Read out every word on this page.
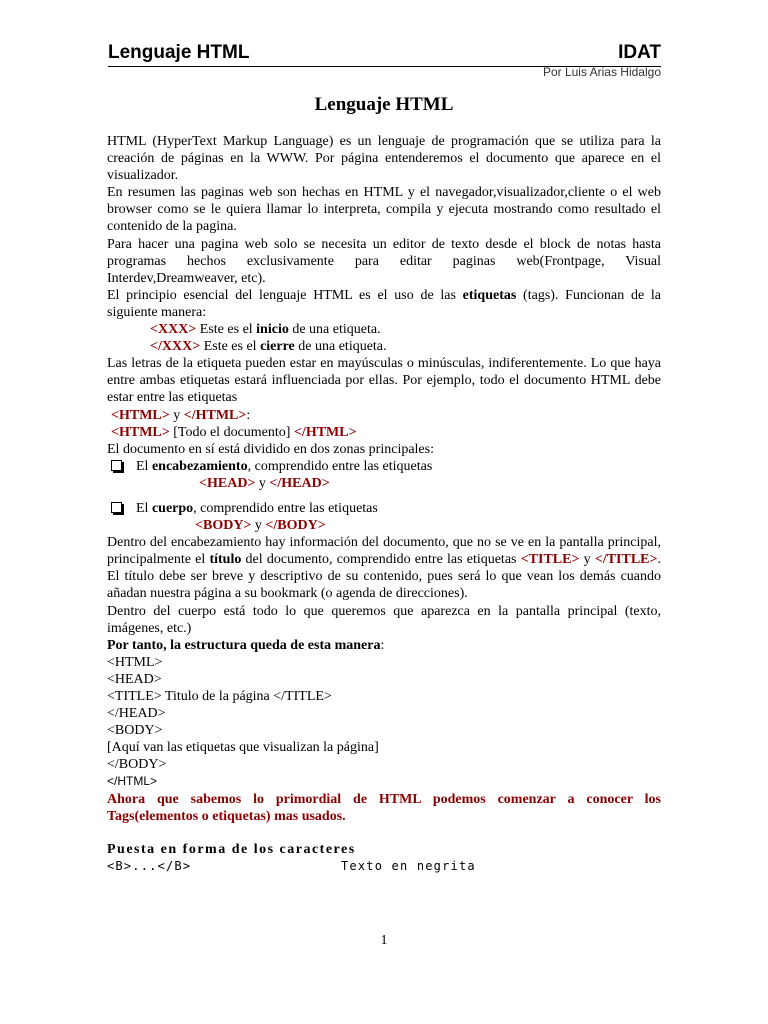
Lenguaje HTML	IDAT
Por Luis Arias Hidalgo
Lenguaje HTML

HTML (HyperText Markup Language) es un lenguaje de programación que se utiliza para la creación de páginas en la WWW. Por página entenderemos el documento que aparece en el visualizador.

En resumen las paginas web son hechas en HTML y el navegador,visualizador,cliente o el web browser como se le quiera llamar lo interpreta, compila y ejecuta mostrando como resultado el contenido de la pagina.

Para hacer una pagina web solo se necesita un editor de texto desde el block de notas hasta programas hechos exclusivamente para editar paginas web(Frontpage, Visual Interdev,Dreamweaver, etc).

El principio esencial del lenguaje HTML es el uso de las etiquetas (tags). Funcionan de la siguiente manera:

<XXX> Este es el inicio de una etiqueta.

</XXX> Este es el cierre de una etiqueta.

Las letras de la etiqueta pueden estar en mayúsculas o minúsculas, indiferentemente. Lo que haya entre ambas etiquetas estará influenciada por ellas. Por ejemplo, todo el documento HTML debe estar entre las etiquetas

<HTML> y </HTML>:

<HTML> [Todo el documento] </HTML>

El documento en sí está dividido en dos zonas principales:

El encabezamiento, comprendido entre las etiquetas

<HEAD> y </HEAD>

El cuerpo, comprendido entre las etiquetas

<BODY> y </BODY>

Dentro del encabezamiento hay información del documento, que no se ve en la pantalla principal, principalmente el título del documento, comprendido entre las etiquetas <TITLE> y </TITLE>. El título debe ser breve y descriptivo de su contenido, pues será lo que vean los demás cuando añadan nuestra página a su bookmark (o agenda de direcciones).

Dentro del cuerpo está todo lo que queremos que aparezca en la pantalla principal (texto, imágenes, etc.)

Por tanto, la estructura queda de esta manera:

<HTML>

<HEAD>

<TITLE> Titulo de la página </TITLE>

</HEAD>

<BODY>

[Aquí van las etiquetas que visualizan la página]

</BODY>

</HTML>

Ahora que sabemos lo primordial de HTML podemos comenzar a conocer los Tags(elementos o etiquetas) mas usados.

Puesta en forma de los caracteres

<B>...</B>	Texto en negrita
1
